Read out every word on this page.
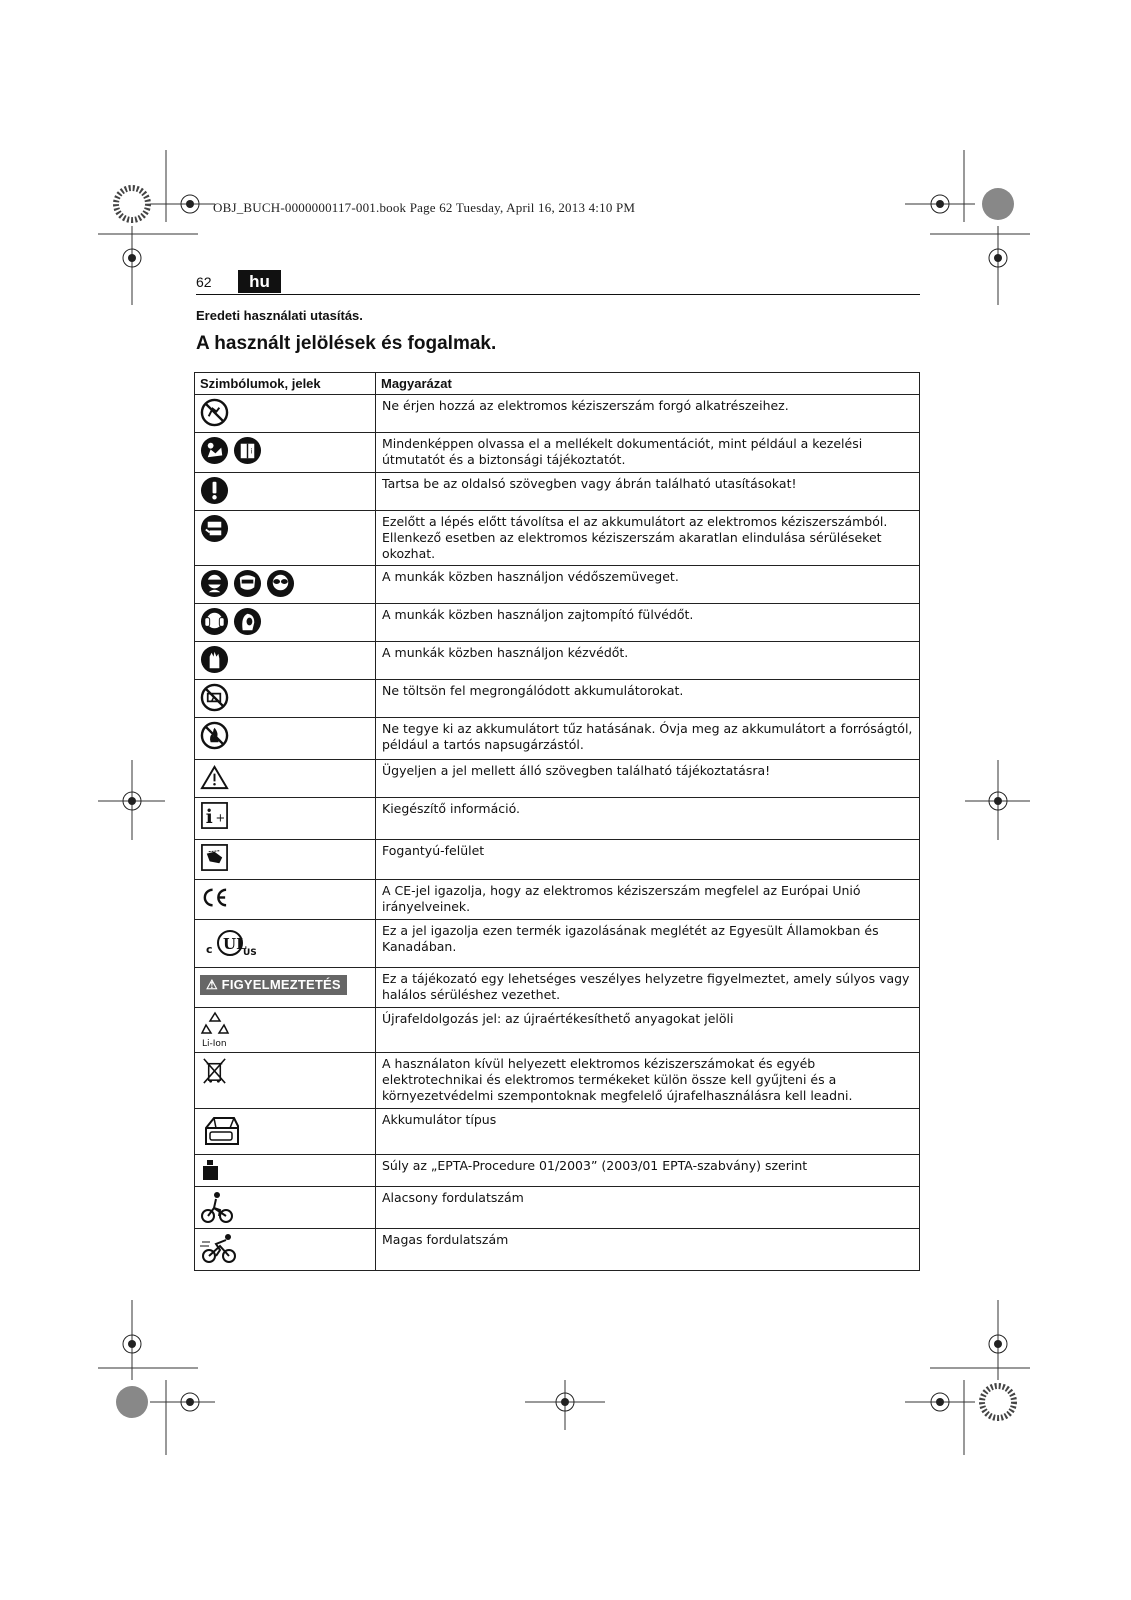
OBJ_BUCH-0000000117-001.book Page 62 Tuesday, April 16, 2013 4:10 PM
62	hu
Eredeti használati utasítás.
A használt jelölések és fogalmak.
Szimbólumok, jelek	Magyarázat

	Ne érjen hozzá az elektromos kéziszerszám forgó alkatrészeihez.

i	Mindenképpen olvassa el a mellékelt dokumentációt, mint például a kezelési útmutatót és a biztonsági tájékoztatót.

	Tartsa be az oldalsó szövegben vagy ábrán található utasításokat!

	Ezelőtt a lépés előtt távolítsa el az akkumulátort az elektromos kéziszerszámból. Ellenkező esetben az elektromos kéziszerszám akaratlan elindulása sérüléseket okozhat.

	A munkák közben használjon védőszemüveget.

	A munkák közben használjon zajtompító fülvédőt.

	A munkák közben használjon kézvédőt.

	Ne töltsön fel megrongálódott akkumulátorokat.

	Ne tegye ki az akkumulátort tűz hatásának. Óvja meg az akkumulátort a forróságtól, például a tartós napsugárzástól.

	Ügyeljen a jel mellett álló szövegben található tájékoztatásra!

i +	Kiegészítő információ.

	Fogantyú-felület

	A CE-jel igazolja, hogy az elektromos kéziszerszám megfelel az Európai Unió irányelveinek.

UL
c US	Ez a jel igazolja ezen termék igazolásának meglétét az Egyesült Államokban és Kanadában.

⚠ FIGYELMEZTETÉS	Ez a tájékozató egy lehetséges veszélyes helyzetre figyelmeztet, amely súlyos vagy halálos sérüléshez vezethet.

Li-Ion	Újrafeldolgozás jel: az újraértékesíthető anyagokat jelöli

	A használaton kívül helyezett elektromos kéziszerszámokat és egyéb elektrotechnikai és elektromos termékeket külön össze kell gyűjteni és a környezetvédelmi szempontoknak megfelelő újrafelhasználásra kell leadni.

	Akkumulátor típus

	Súly az „EPTA-Procedure 01/2003” (2003/01 EPTA-szabvány) szerint

	Alacsony fordulatszám

	Magas fordulatszám
